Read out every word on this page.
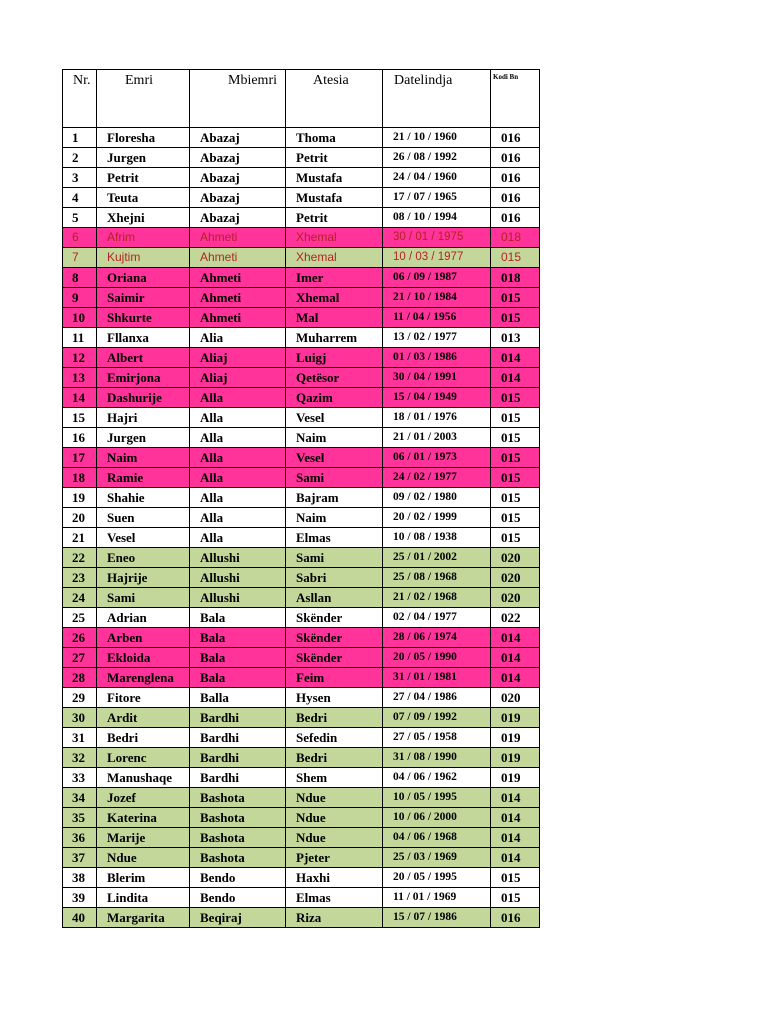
Nr.	Emri	Mbiemri	Atesia	Datelindja	Kodi Bn
1	Floresha	Abazaj	Thoma	21 / 10 / 1960	016
2	Jurgen	Abazaj	Petrit	26 / 08 / 1992	016
3	Petrit	Abazaj	Mustafa	24 / 04 / 1960	016
4	Teuta	Abazaj	Mustafa	17 / 07 / 1965	016
5	Xhejni	Abazaj	Petrit	08 / 10 / 1994	016
6	Afrim	Ahmeti	Xhemal	30 / 01 / 1975	018
7	Kujtim	Ahmeti	Xhemal	10 / 03 / 1977	015
8	Oriana	Ahmeti	Imer	06 / 09 / 1987	018
9	Saimir	Ahmeti	Xhemal	21 / 10 / 1984	015
10	Shkurte	Ahmeti	Mal	11 / 04 / 1956	015
11	Fllanxa	Alia	Muharrem	13 / 02 / 1977	013
12	Albert	Aliaj	Luigj	01 / 03 / 1986	014
13	Emirjona	Aliaj	Qetësor	30 / 04 / 1991	014
14	Dashurije	Alla	Qazim	15 / 04 / 1949	015
15	Hajri	Alla	Vesel	18 / 01 / 1976	015
16	Jurgen	Alla	Naim	21 / 01 / 2003	015
17	Naim	Alla	Vesel	06 / 01 / 1973	015
18	Ramie	Alla	Sami	24 / 02 / 1977	015
19	Shahie	Alla	Bajram	09 / 02 / 1980	015
20	Suen	Alla	Naim	20 / 02 / 1999	015
21	Vesel	Alla	Elmas	10 / 08 / 1938	015
22	Eneo	Allushi	Sami	25 / 01 / 2002	020
23	Hajrije	Allushi	Sabri	25 / 08 / 1968	020
24	Sami	Allushi	Asllan	21 / 02 / 1968	020
25	Adrian	Bala	Skënder	02 / 04 / 1977	022
26	Arben	Bala	Skënder	28 / 06 / 1974	014
27	Ekloida	Bala	Skënder	20 / 05 / 1990	014
28	Marenglena	Bala	Feim	31 / 01 / 1981	014
29	Fitore	Balla	Hysen	27 / 04 / 1986	020
30	Ardit	Bardhi	Bedri	07 / 09 / 1992	019
31	Bedri	Bardhi	Sefedin	27 / 05 / 1958	019
32	Lorenc	Bardhi	Bedri	31 / 08 / 1990	019
33	Manushaqe	Bardhi	Shem	04 / 06 / 1962	019
34	Jozef	Bashota	Ndue	10 / 05 / 1995	014
35	Katerina	Bashota	Ndue	10 / 06 / 2000	014
36	Marije	Bashota	Ndue	04 / 06 / 1968	014
37	Ndue	Bashota	Pjeter	25 / 03 / 1969	014
38	Blerim	Bendo	Haxhi	20 / 05 / 1995	015
39	Lindita	Bendo	Elmas	11 / 01 / 1969	015
40	Margarita	Beqiraj	Riza	15 / 07 / 1986	016
